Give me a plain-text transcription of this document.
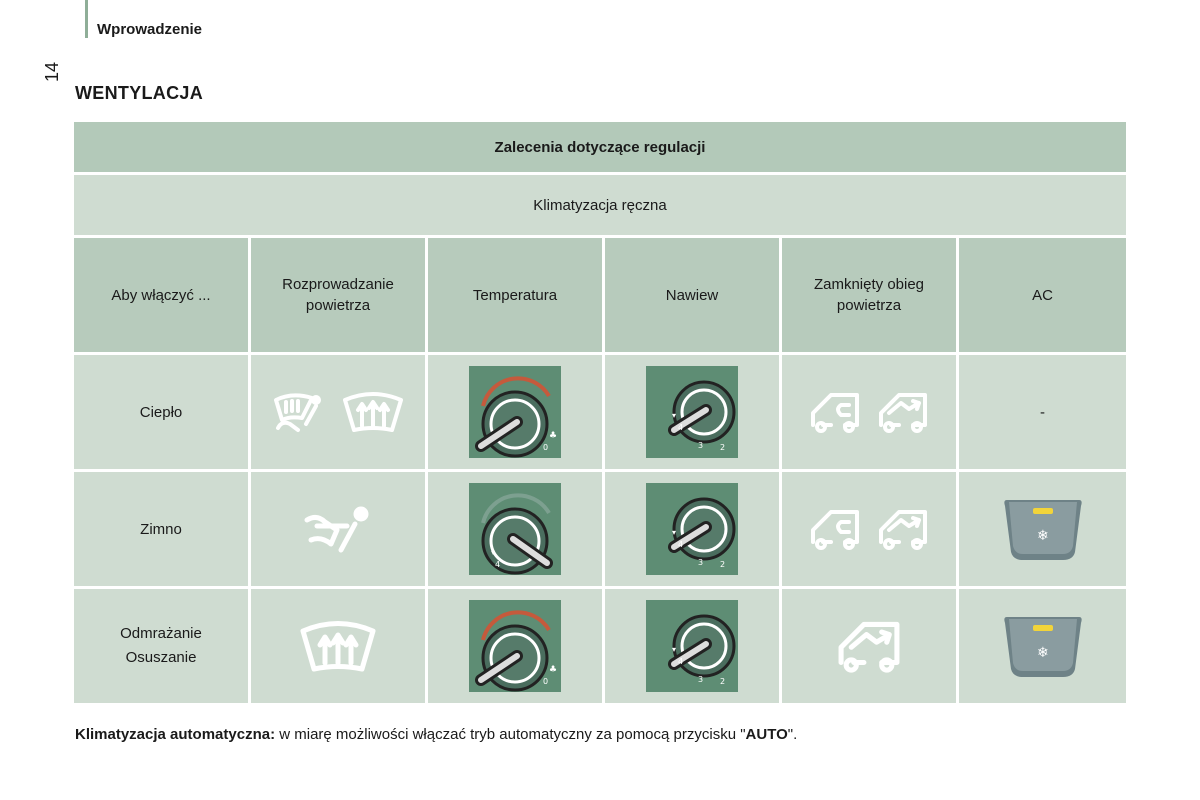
Wprowadzenie
14
WENTYLACJA
Zalecenia dotyczące regulacji
Klimatyzacja ręczna
Aby włączyć ...
Rozprowadzanie powietrza
Temperatura	Nawiew
Zamknięty obieg powietrza
AC
Ciepło
♣
0
▾
4
3 2
-
Zimno
▾
4
▾
4
3 2
❄
Odmrażanie
Osuszanie
♣
0
▾
4
3 2
❄
Klimatyzacja automatyczna: w miarę możliwości włączać tryb automatyczny za pomocą przycisku "AUTO".
